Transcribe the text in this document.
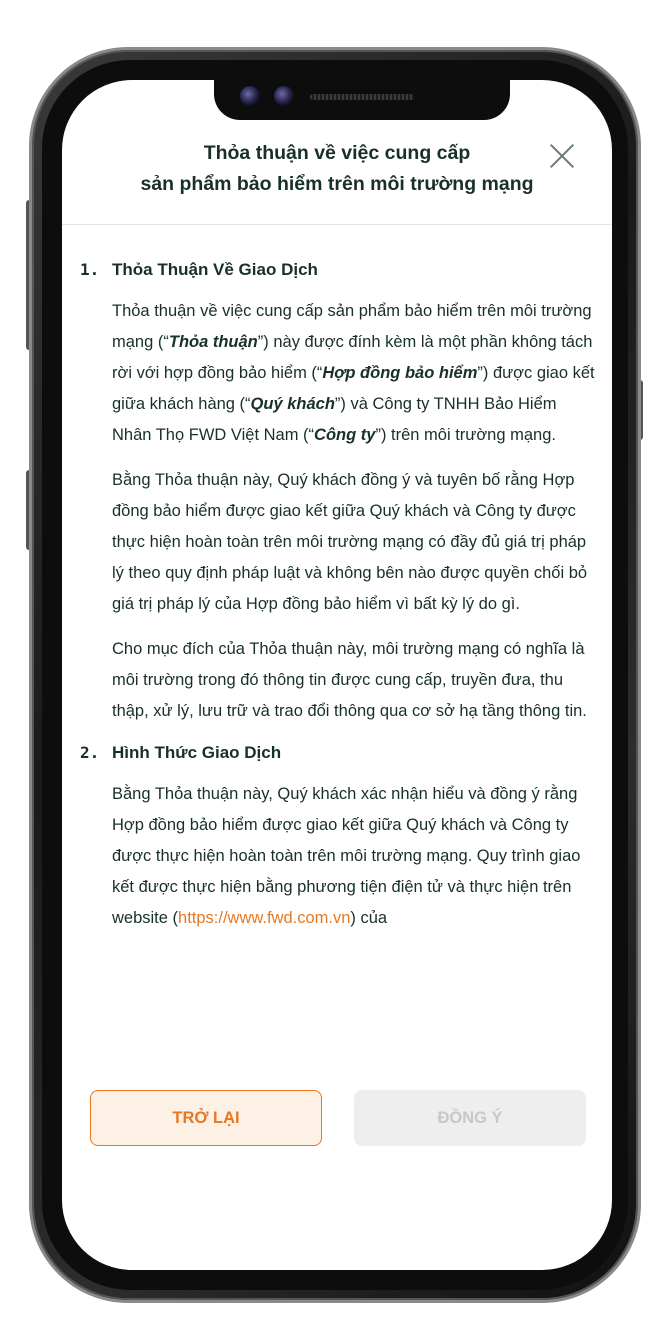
Thỏa thuận về việc cung cấp
sản phẩm bảo hiểm trên môi trường mạng
1. Thỏa Thuận Về Giao Dịch
Thỏa thuận về việc cung cấp sản phẩm bảo hiểm trên môi trường mạng (“Thỏa thuận”) này được đính kèm là một phần không tách rời với hợp đồng bảo hiểm (“Hợp đồng bảo hiểm”) được giao kết giữa khách hàng (“Quý khách”) và Công ty TNHH Bảo Hiểm Nhân Thọ FWD Việt Nam (“Công ty”) trên môi trường mạng.
Bằng Thỏa thuận này, Quý khách đồng ý và tuyên bố rằng Hợp đồng bảo hiểm được giao kết giữa Quý khách và Công ty được thực hiện hoàn toàn trên môi trường mạng có đầy đủ giá trị pháp lý theo quy định pháp luật và không bên nào được quyền chối bỏ giá trị pháp lý của Hợp đồng bảo hiểm vì bất kỳ lý do gì.
Cho mục đích của Thỏa thuận này, môi trường mạng có nghĩa là môi trường trong đó thông tin được cung cấp, truyền đưa, thu thập, xử lý, lưu trữ và trao đổi thông qua cơ sở hạ tầng thông tin.
2. Hình Thức Giao Dịch
Bằng Thỏa thuận này, Quý khách xác nhận hiểu và đồng ý rằng Hợp đồng bảo hiểm được giao kết giữa Quý khách và Công ty được thực hiện hoàn toàn trên môi trường mạng. Quy trình giao kết được thực hiện bằng phương tiện điện tử và thực hiện trên website (https://www.fwd.com.vn) của
TRỞ LẠI	ĐỒNG Ý
